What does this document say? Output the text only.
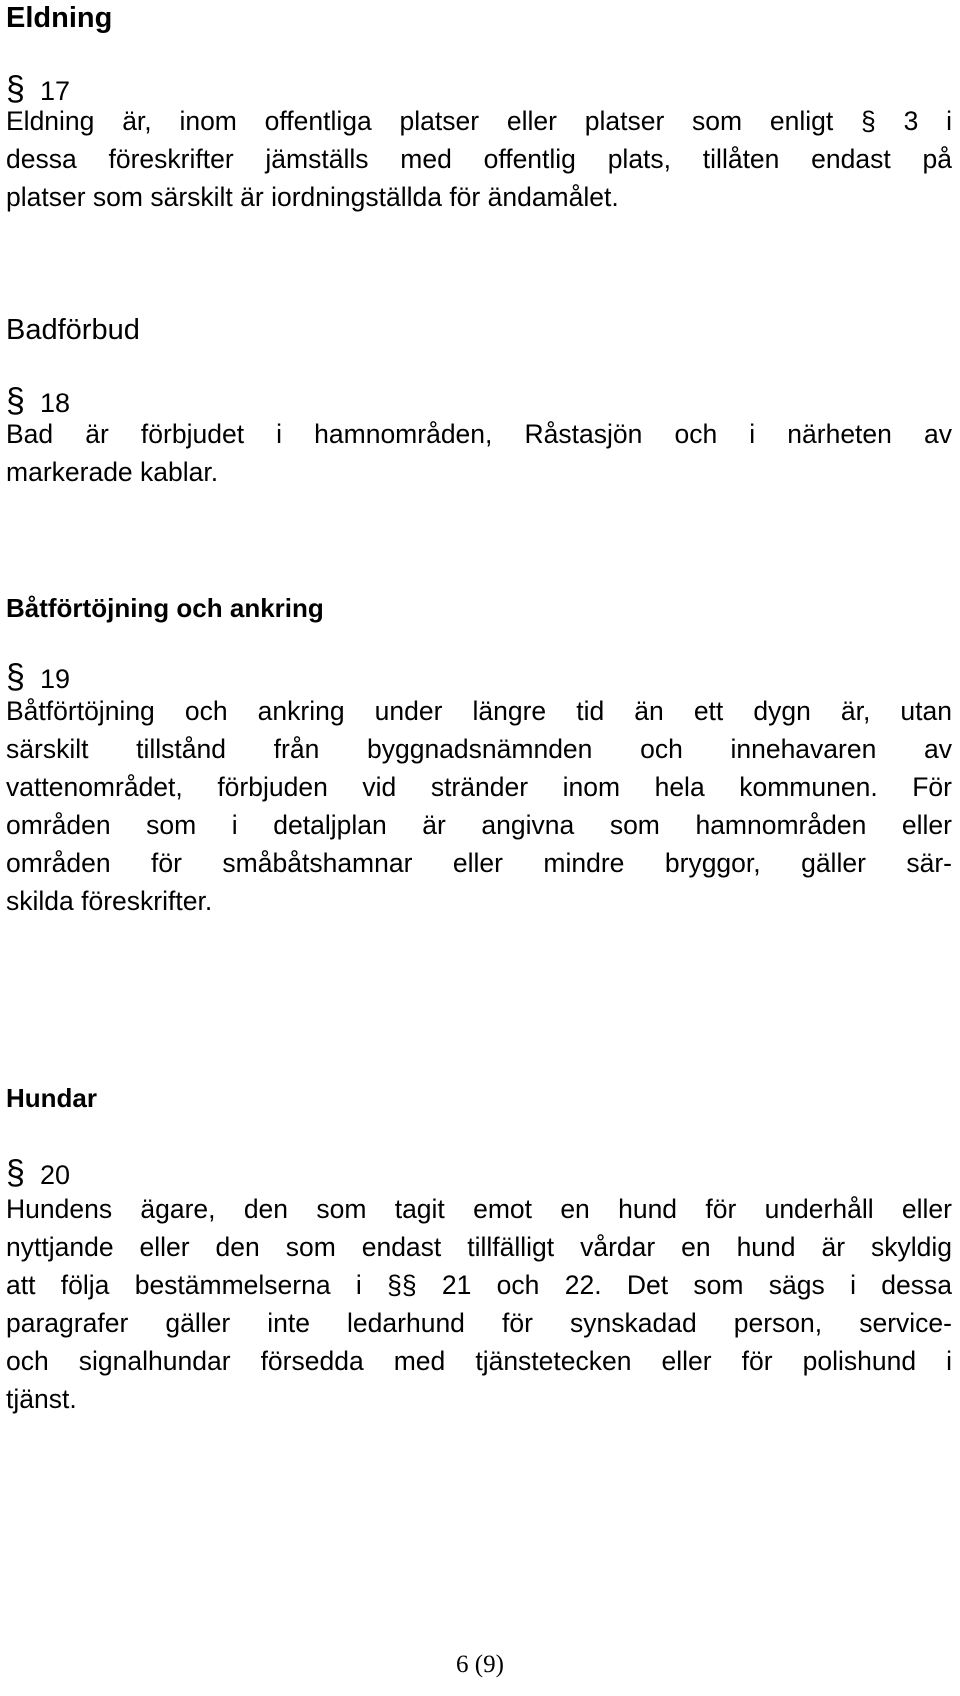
Eldning
§ 17
Eldning är, inom offentliga platser eller platser som enligt § 3 i
dessa föreskrifter jämställs med offentlig plats, tillåten endast på
platser som särskilt är iordningställda för ändamålet.
Badförbud
§ 18
Bad är förbjudet i hamnområden, Råstasjön och i närheten av
markerade kablar.
Båtförtöjning och ankring
§ 19
Båtförtöjning och ankring under längre tid än ett dygn är, utan
särskilt tillstånd från byggnadsnämnden och innehavaren av
vattenområdet, förbjuden vid stränder inom hela kommunen. För
områden som i detaljplan är angivna som hamnområden eller
områden för småbåtshamnar eller mindre bryggor, gäller sär-
skilda föreskrifter.
Hundar
§ 20
Hundens ägare, den som tagit emot en hund för underhåll eller
nyttjande eller den som endast tillfälligt vårdar en hund är skyldig
att följa bestämmelserna i §§ 21 och 22. Det som sägs i dessa
paragrafer gäller inte ledarhund för synskadad person, service-
och signalhundar försedda med tjänstetecken eller för polishund i
tjänst.
6 (9)
